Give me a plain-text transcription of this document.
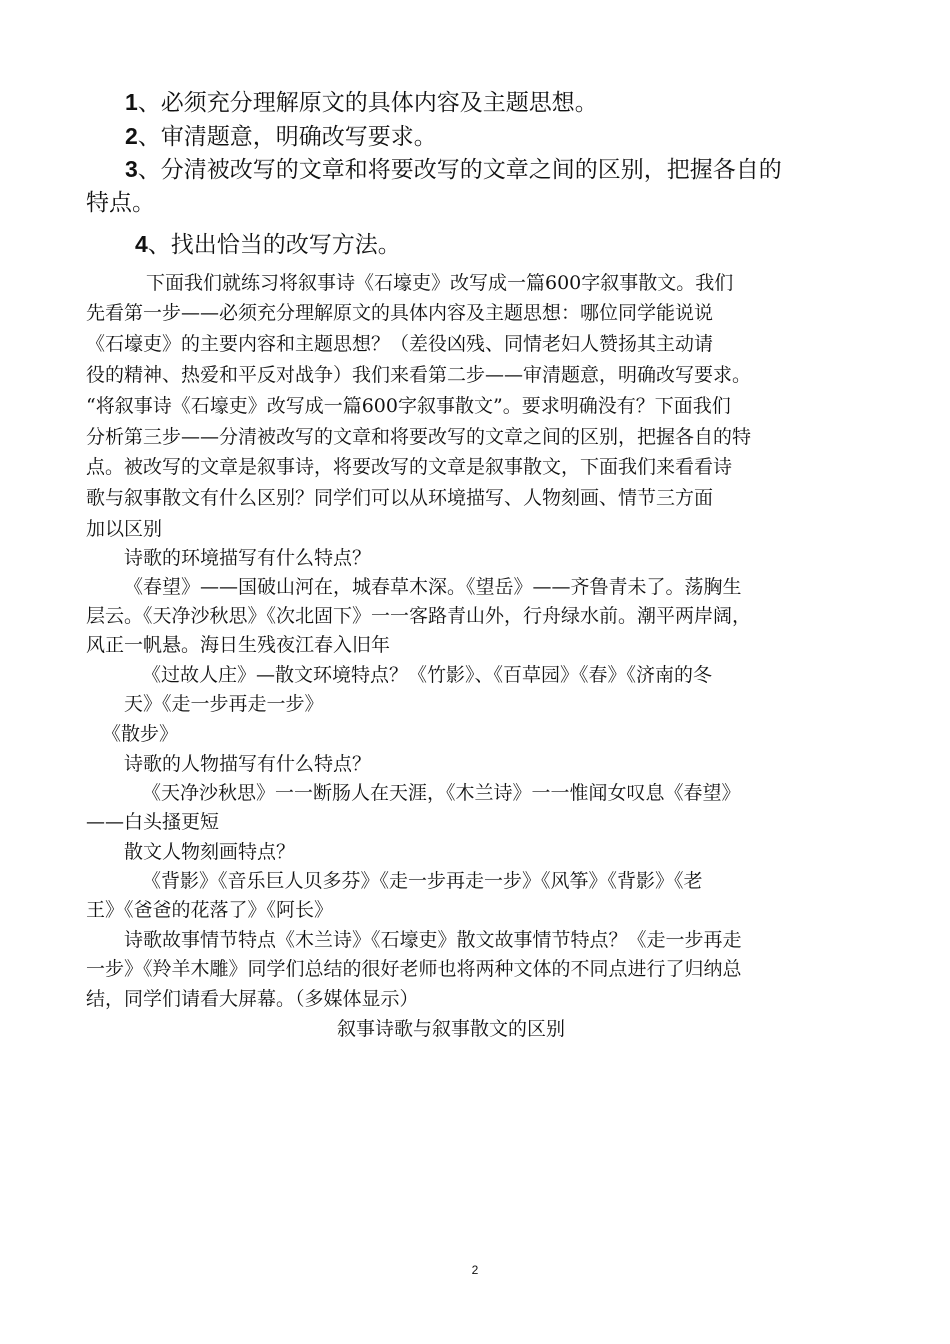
1、必须充分理解原文的具体内容及主题思想。
2、审清题意，明确改写要求。
3、分清被改写的文章和将要改写的文章之间的区别，把握各自的
特点。
4、找出恰当的改写方法。
下面我们就练习将叙事诗《石壕吏》改写成一篇600字叙事散文。我们
先看第一步——必须充分理解原文的具体内容及主题思想：哪位同学能说说
《石壕吏》的主要内容和主题思想？（差役凶残、同情老妇人赞扬其主动请
役的精神、热爱和平反对战争）我们来看第二步——审清题意，明确改写要求。
“将叙事诗《石壕吏》改写成一篇600字叙事散文”。要求明确没有？下面我们
分析第三步——分清被改写的文章和将要改写的文章之间的区别，把握各自的特
点。被改写的文章是叙事诗，将要改写的文章是叙事散文，下面我们来看看诗
歌与叙事散文有什么区别？同学们可以从环境描写、人物刻画、情节三方面
加以区别
诗歌的环境描写有什么特点？
《春望》——国破山河在，城春草木深。《望岳》——齐鲁青未了。荡胸生
层云。《天净沙秋思》《次北固下》一一客路青山外，行舟绿水前。潮平两岸阔，
风正一帆悬。海日生残夜江春入旧年
《过故人庄》—散文环境特点？《竹影》、《百草园》《春》《济南的冬
天》《走一步再走一步》
《散步》
诗歌的人物描写有什么特点？
《天净沙秋思》一一断肠人在天涯，《木兰诗》一一惟闻女叹息《春望》
——白头搔更短
散文人物刻画特点？
《背影》《音乐巨人贝多芬》《走一步再走一步》《风筝》《背影》《老
王》《爸爸的花落了》《阿长》
诗歌故事情节特点《木兰诗》《石壕吏》散文故事情节特点？《走一步再走
一步》《羚羊木雕》同学们总结的很好老师也将两种文体的不同点进行了归纳总
结，同学们请看大屏幕。（多媒体显示）
叙事诗歌与叙事散文的区别
2
